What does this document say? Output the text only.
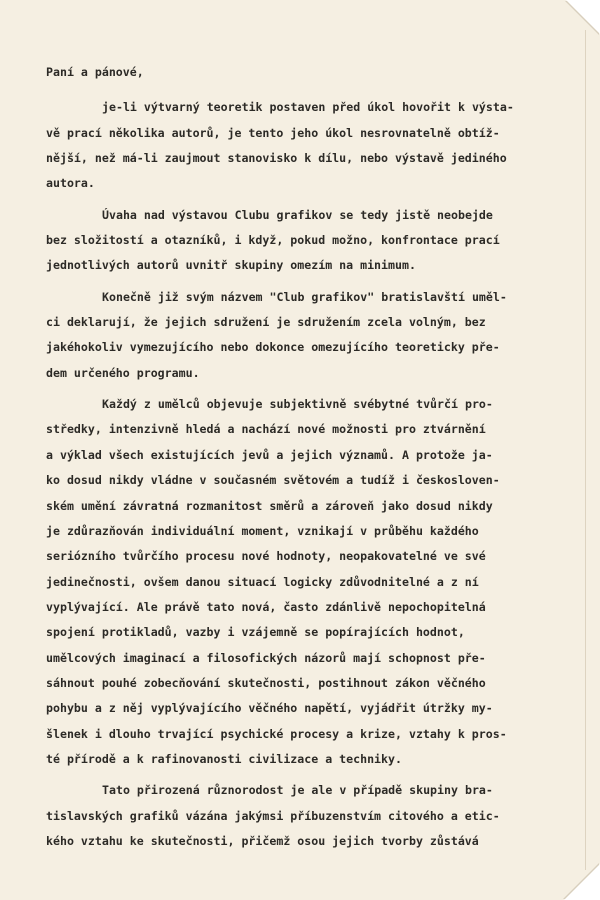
Paní a pánové,
je-li výtvarný teoretik postaven před úkol hovořit k výsta-
vě prací několika autorů, je tento jeho úkol nesrovnatelně obtíž-
nější, než má-li zaujmout stanovisko k dílu, nebo výstavě jediného
autora.
Úvaha nad výstavou Clubu grafikov se tedy jistě neobejde
bez složitostí a otazníků, i když, pokud možno, konfrontace prací
jednotlivých autorů uvnitř skupiny omezím na minimum.
Konečně již svým názvem "Club grafikov" bratislavští uměl-
ci deklarují, že jejich sdružení je sdružením zcela volným, bez
jakéhokoliv vymezujícího nebo dokonce omezujícího teoreticky pře-
dem určeného programu.
Každý z umělců objevuje subjektivně svébytné tvůrčí pro-
středky, intenzivně hledá a nachází nové možnosti pro ztvárnění
a výklad všech existujících jevů a jejich významů. A protože ja-
ko dosud nikdy vládne v současném světovém a tudíž i českosloven-
ském umění závratná rozmanitost směrů a zároveň jako dosud nikdy
je zdůrazňován individuální moment, vznikají v průběhu každého
seriózního tvůrčího procesu nové hodnoty, neopakovatelné ve své
jedinečnosti, ovšem danou situací logicky zdůvodnitelné a z ní
vyplývající. Ale právě tato nová, často zdánlivě nepochopitelná
spojení protikladů, vazby i vzájemně se popírajících hodnot,
umělcových imaginací a filosofických názorů mají schopnost pře-
sáhnout pouhé zobecňování skutečnosti, postihnout zákon věčného
pohybu a z něj vyplývajícího věčného napětí, vyjádřit útržky my-
šlenek i dlouho trvající psychické procesy a krize, vztahy k pros-
té přírodě a k rafinovanosti civilizace a techniky.
Tato přirozená různorodost je ale v případě skupiny bra-
tislavských grafiků vázána jakýmsi příbuzenstvím citového a etic-
kého vztahu ke skutečnosti, přičemž osou jejich tvorby zůstává
